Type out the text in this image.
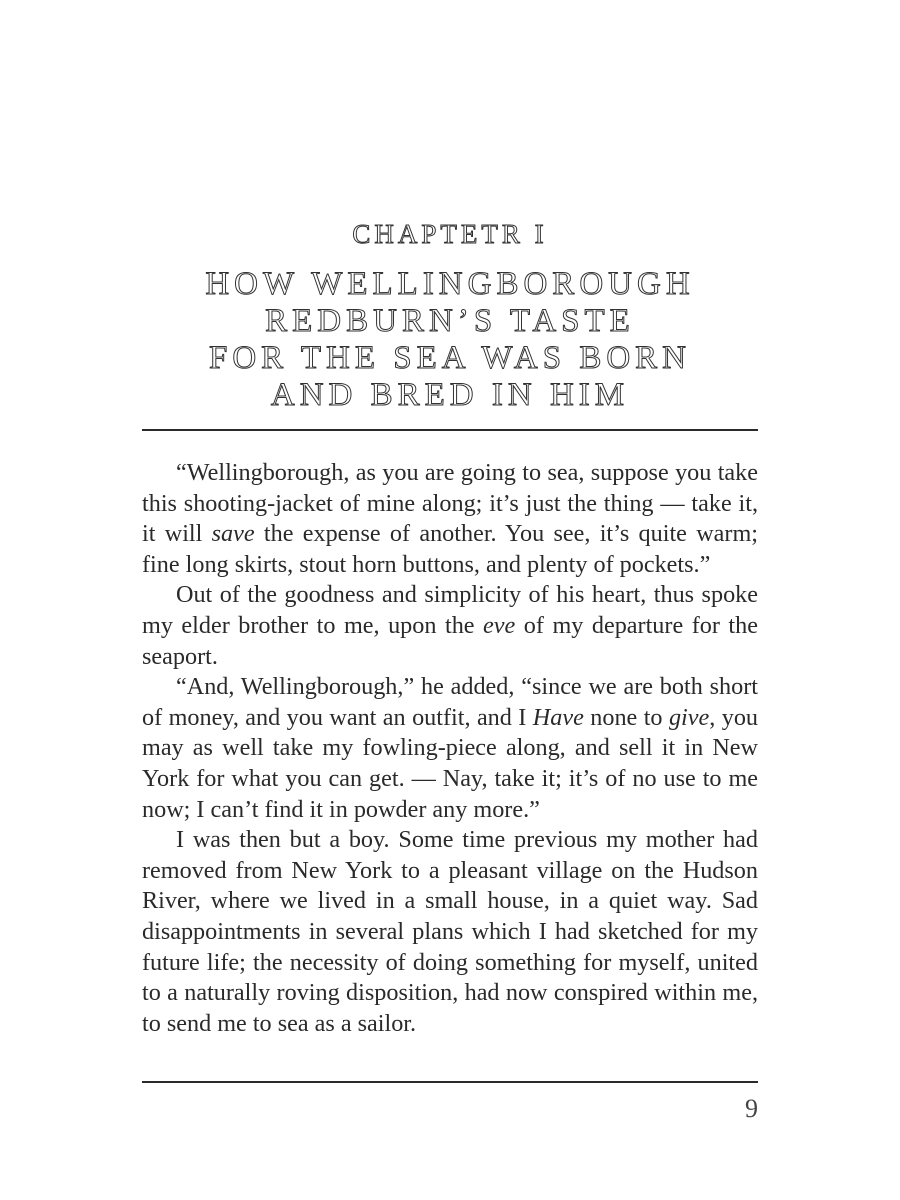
CHAPTETR I

HOW WELLINGBOROUGH
REDBURN’S TASTE
FOR THE SEA WAS BORN
AND BRED IN HIM

“Wellingborough, as you are going to sea, suppose you take this shooting-jacket of mine along; it’s just the thing — take it, it will save the expense of another. You see, it’s quite warm; fine long skirts, stout horn buttons, and plenty of pockets.”

Out of the goodness and simplicity of his heart, thus spoke my elder brother to me, upon the eve of my departure for the seaport.

“And, Wellingborough,” he added, “since we are both short of money, and you want an outfit, and I Have none to give, you may as well take my fowling-piece along, and sell it in New York for what you can get. — Nay, take it; it’s of no use to me now; I can’t find it in powder any more.”

I was then but a boy. Some time previous my mother had removed from New York to a pleasant village on the Hudson River, where we lived in a small house, in a quiet way. Sad disappointments in several plans which I had sketched for my future life; the necessity of doing something for myself, united to a naturally roving disposition, had now conspired within me, to send me to sea as a sailor.

9
